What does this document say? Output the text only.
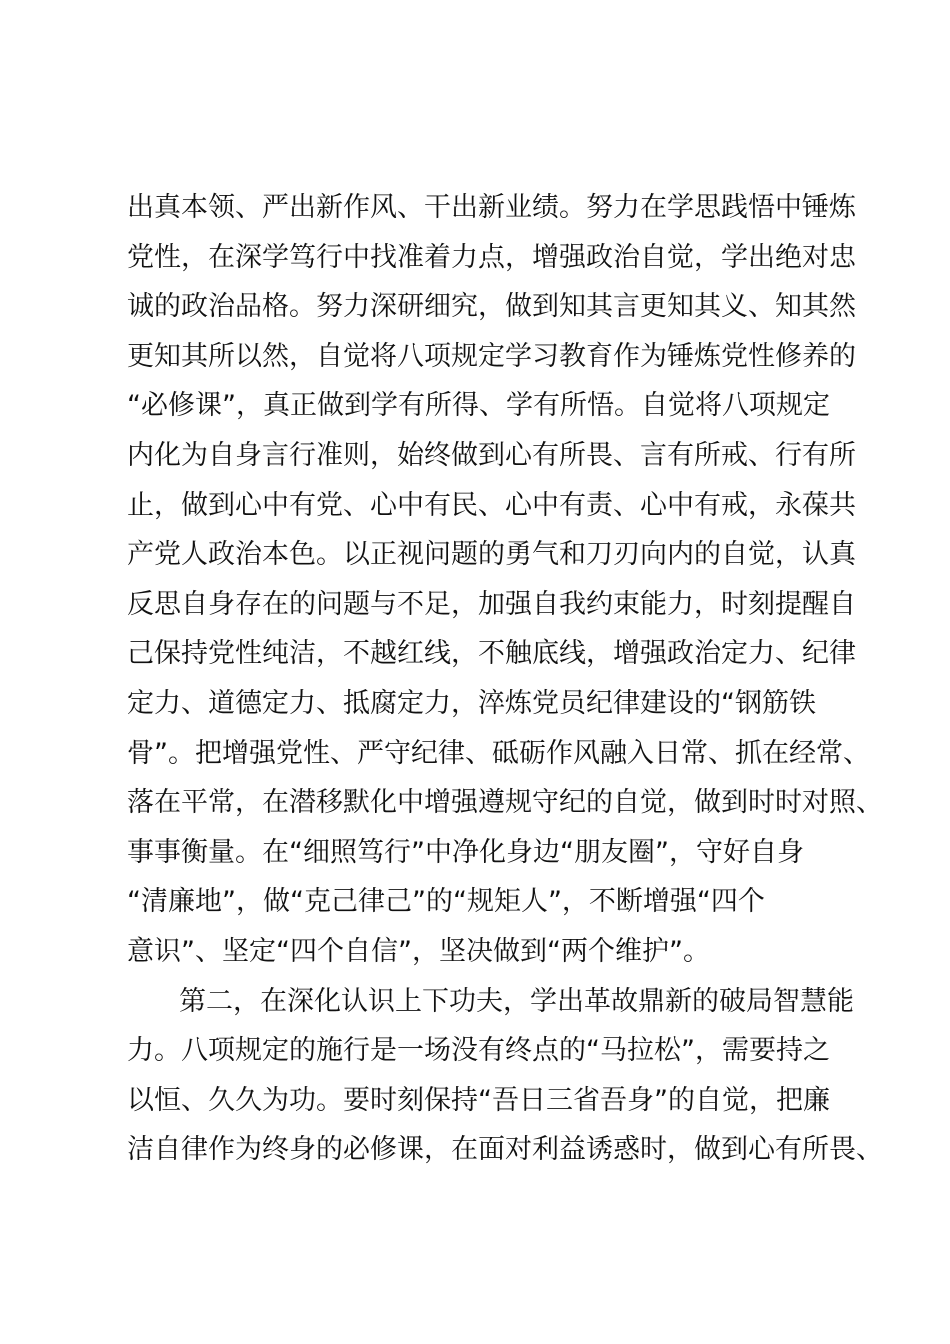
出真本领、严出新作风、干出新业绩。努力在学思践悟中锤炼
党性，在深学笃行中找准着力点，增强政治自觉，学出绝对忠
诚的政治品格。努力深研细究，做到知其言更知其义、知其然
更知其所以然，自觉将八项规定学习教育作为锤炼党性修养的
“必修课”，真正做到学有所得、学有所悟。自觉将八项规定
内化为自身言行准则，始终做到心有所畏、言有所戒、行有所
止，做到心中有党、心中有民、心中有责、心中有戒，永葆共
产党人政治本色。以正视问题的勇气和刀刃向内的自觉，认真
反思自身存在的问题与不足，加强自我约束能力，时刻提醒自
己保持党性纯洁，不越红线，不触底线，增强政治定力、纪律
定力、道德定力、抵腐定力，淬炼党员纪律建设的“钢筋铁
骨”。把增强党性、严守纪律、砥砺作风融入日常、抓在经常、
落在平常，在潜移默化中增强遵规守纪的自觉，做到时时对照、
事事衡量。在“细照笃行”中净化身边“朋友圈”，守好自身
“清廉地”，做“克己律己”的“规矩人”，不断增强“四个
意识”、坚定“四个自信”，坚决做到“两个维护”。
第二，在深化认识上下功夫，学出革故鼎新的破局智慧能
力。八项规定的施行是一场没有终点的“马拉松”，需要持之
以恒、久久为功。要时刻保持“吾日三省吾身”的自觉，把廉
洁自律作为终身的必修课，在面对利益诱惑时，做到心有所畏、
